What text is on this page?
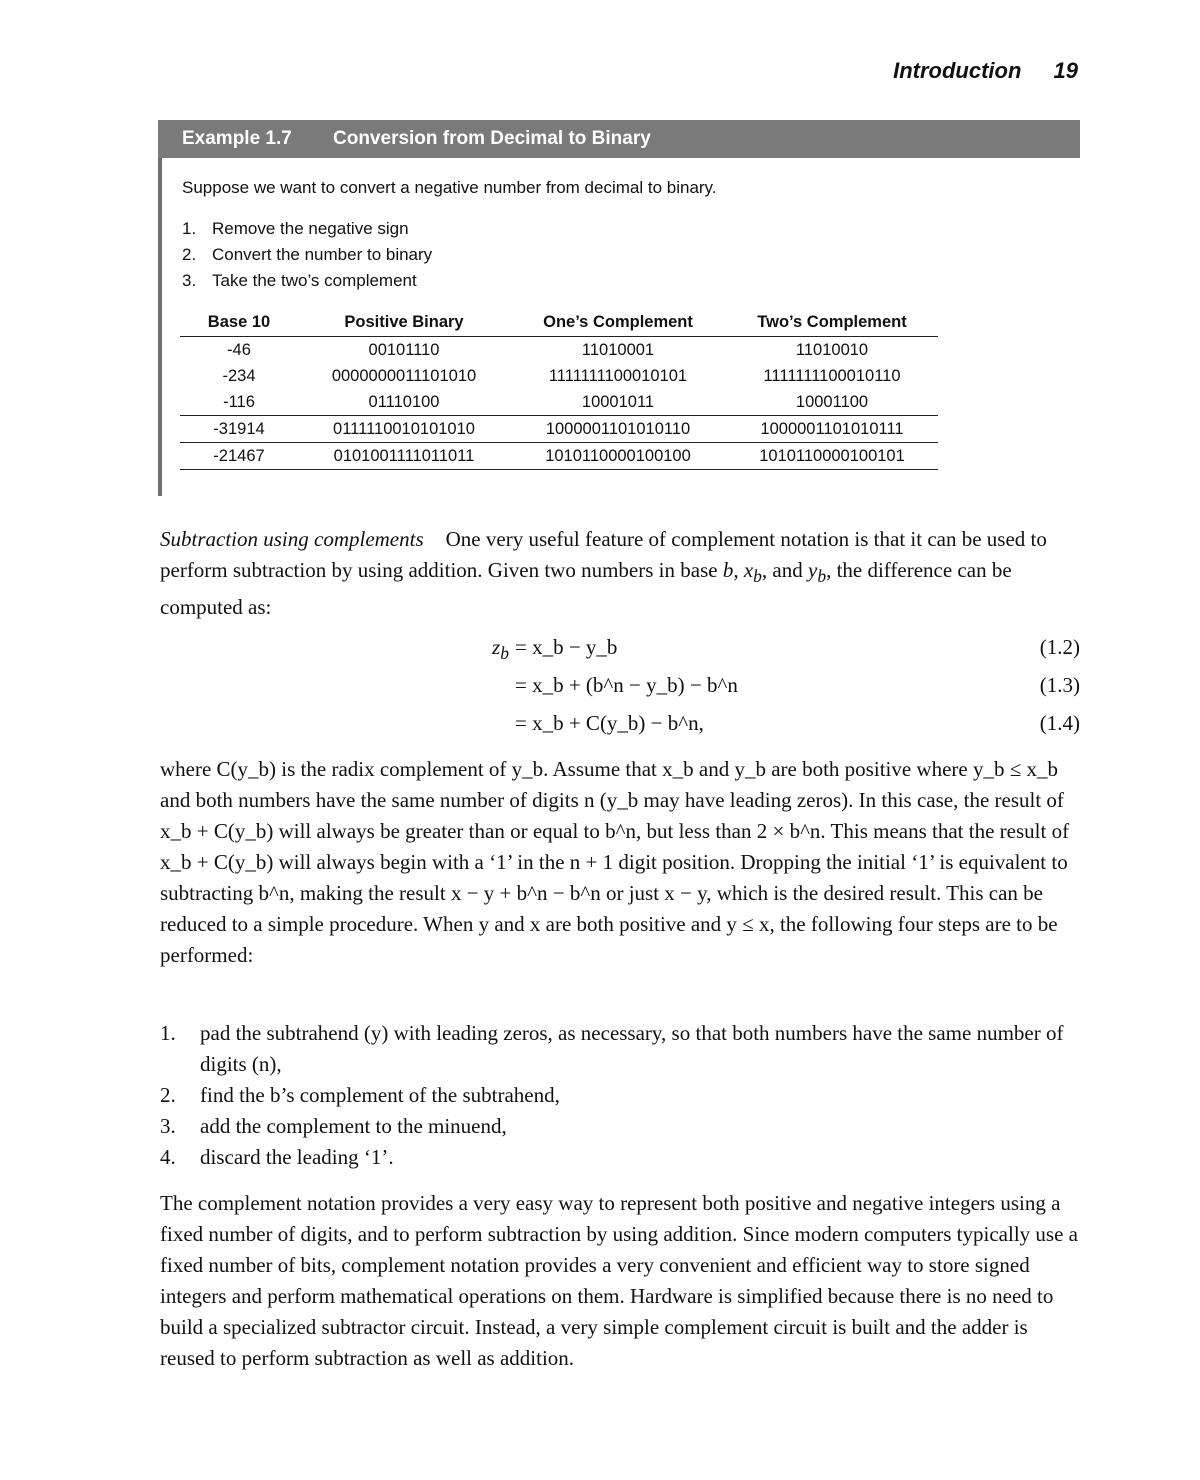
Introduction 19
Example 1.7 Conversion from Decimal to Binary
Suppose we want to convert a negative number from decimal to binary.
1. Remove the negative sign
2. Convert the number to binary
3. Take the two’s complement
Base 10	Positive Binary	One’s Complement	Two’s Complement
-46	00101110	11010001	11010010
-234	0000000011101010	1111111100010101	1111111100010110
-116	01110100	10001011	10001100
-31914	0111110010101010	1000001101010110	1000001101010111
-21467	0101001111011011	1010110000100100	1010110000100101
Subtraction using complements One very useful feature of complement notation is that it can be used to perform subtraction by using addition. Given two numbers in base b, $x_b$, and $y_b$, the difference can be computed as:
$z_b$ = x_b − y_b	(1.2)
= x_b + (b^n − y_b) − b^n	(1.3)
= x_b + C(y_b) − b^n,	(1.4)
where C(y_b) is the radix complement of y_b. Assume that x_b and y_b are both positive where y_b ≤ x_b and both numbers have the same number of digits n (y_b may have leading zeros). In this case, the result of x_b + C(y_b) will always be greater than or equal to b^n, but less than 2 × b^n. This means that the result of x_b + C(y_b) will always begin with a ‘1’ in the n + 1 digit position. Dropping the initial ‘1’ is equivalent to subtracting b^n, making the result x − y + b^n − b^n or just x − y, which is the desired result. This can be reduced to a simple procedure. When y and x are both positive and y ≤ x, the following four steps are to be performed:
1. pad the subtrahend (y) with leading zeros, as necessary, so that both numbers have the same number of digits (n),
2. find the b’s complement of the subtrahend,
3. add the complement to the minuend,
4. discard the leading ‘1’.
The complement notation provides a very easy way to represent both positive and negative integers using a fixed number of digits, and to perform subtraction by using addition. Since modern computers typically use a fixed number of bits, complement notation provides a very convenient and efficient way to store signed integers and perform mathematical operations on them. Hardware is simplified because there is no need to build a specialized subtractor circuit. Instead, a very simple complement circuit is built and the adder is reused to perform subtraction as well as addition.
